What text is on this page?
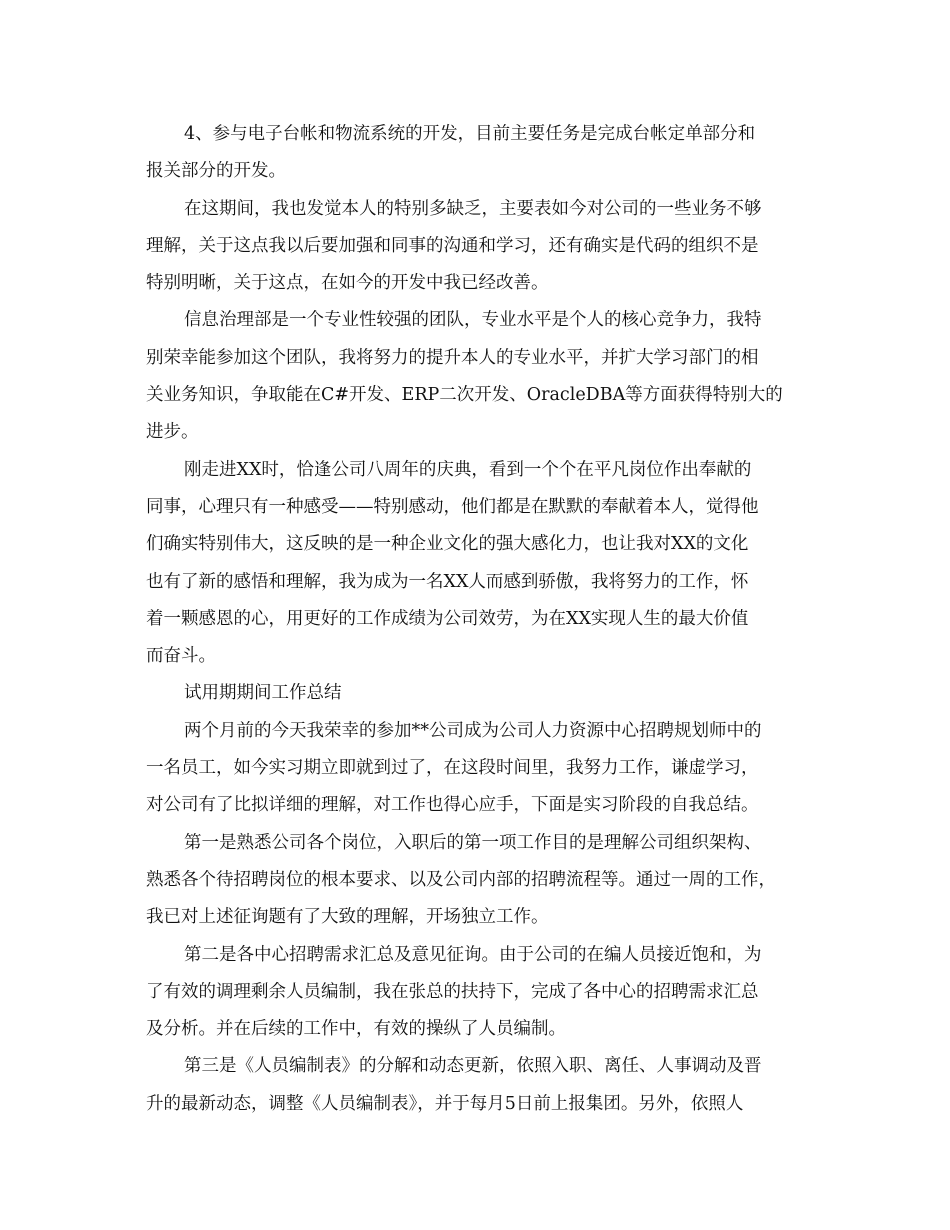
4、参与电子台帐和物流系统的开发，目前主要任务是完成台帐定单部分和
报关部分的开发。
在这期间，我也发觉本人的特别多缺乏，主要表如今对公司的一些业务不够
理解，关于这点我以后要加强和同事的沟通和学习，还有确实是代码的组织不是
特别明晰，关于这点，在如今的开发中我已经改善。
信息治理部是一个专业性较强的团队，专业水平是个人的核心竞争力，我特
别荣幸能参加这个团队，我将努力的提升本人的专业水平，并扩大学习部门的相
关业务知识，争取能在C#开发、ERP二次开发、OracleDBA等方面获得特别大的
进步。
刚走进XX时，恰逢公司八周年的庆典，看到一个个在平凡岗位作出奉献的
同事，心理只有一种感受——特别感动，他们都是在默默的奉献着本人，觉得他
们确实特别伟大，这反映的是一种企业文化的强大感化力，也让我对XX的文化
也有了新的感悟和理解，我为成为一名XX人而感到骄傲，我将努力的工作，怀
着一颗感恩的心，用更好的工作成绩为公司效劳，为在XX实现人生的最大价值
而奋斗。
试用期期间工作总结
两个月前的今天我荣幸的参加**公司成为公司人力资源中心招聘规划师中的
一名员工，如今实习期立即就到过了，在这段时间里，我努力工作，谦虚学习，
对公司有了比拟详细的理解，对工作也得心应手，下面是实习阶段的自我总结。
第一是熟悉公司各个岗位，入职后的第一项工作目的是理解公司组织架构、
熟悉各个待招聘岗位的根本要求、以及公司内部的招聘流程等。通过一周的工作，
我已对上述征询题有了大致的理解，开场独立工作。
第二是各中心招聘需求汇总及意见征询。由于公司的在编人员接近饱和，为
了有效的调理剩余人员编制，我在张总的扶持下，完成了各中心的招聘需求汇总
及分析。并在后续的工作中，有效的操纵了人员编制。
第三是《人员编制表》的分解和动态更新，依照入职、离任、人事调动及晋
升的最新动态，调整《人员编制表》，并于每月5日前上报集团。另外，依照人
